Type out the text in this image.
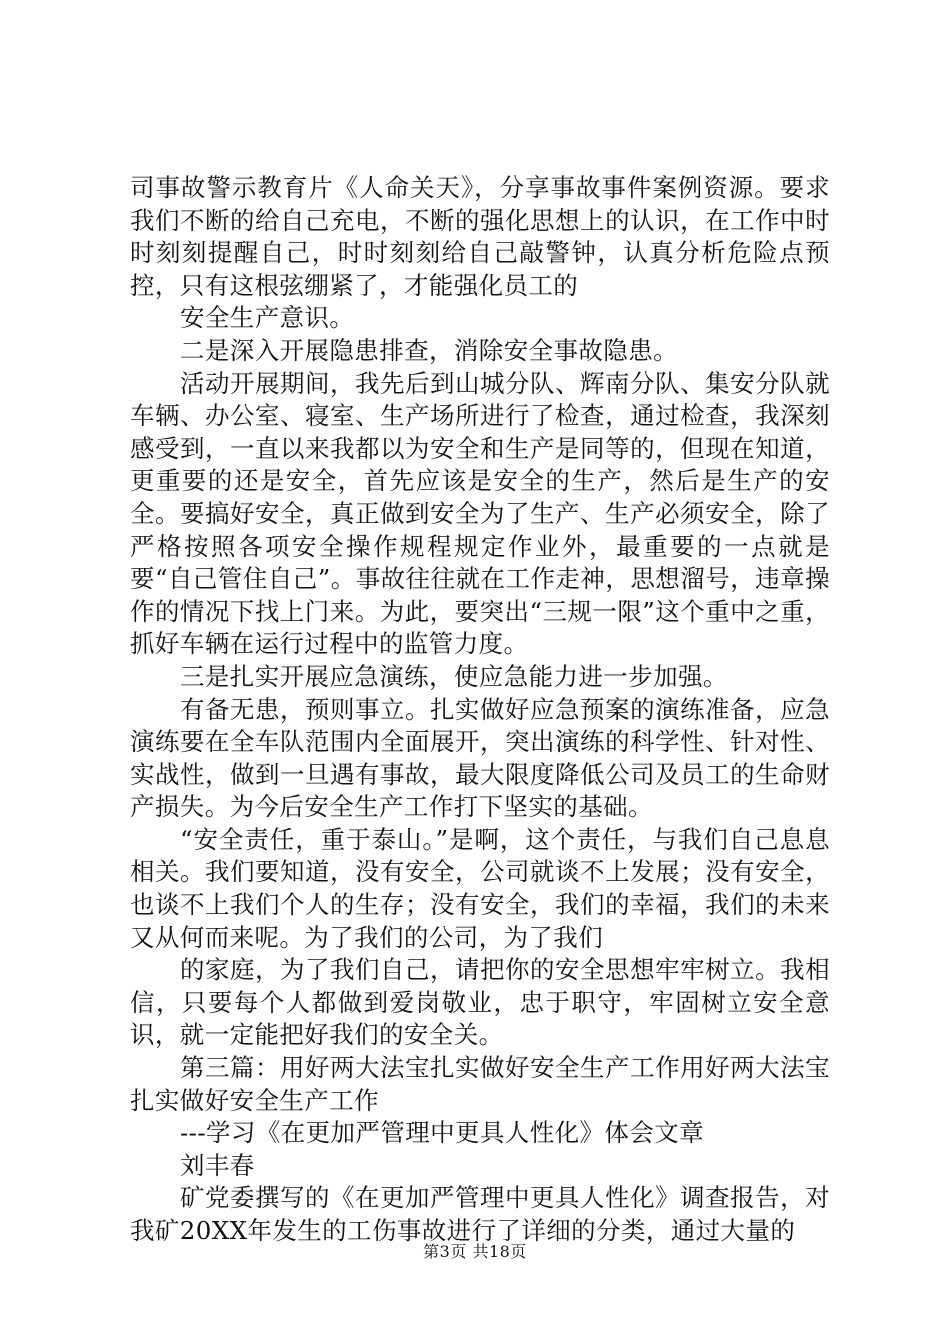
司事故警示教育片《人命关天》，分享事故事件案例资源。要求我们不断的给自己充电，不断的强化思想上的认识，在工作中时时刻刻提醒自己，时时刻刻给自己敲警钟，认真分析危险点预控，只有这根弦绷紧了，才能强化员工的

安全生产意识。

二是深入开展隐患排查，消除安全事故隐患。

活动开展期间，我先后到山城分队、辉南分队、集安分队就车辆、办公室、寝室、生产场所进行了检查，通过检查，我深刻感受到，一直以来我都以为安全和生产是同等的，但现在知道，更重要的还是安全，首先应该是安全的生产，然后是生产的安全。要搞好安全，真正做到安全为了生产、生产必须安全，除了严格按照各项安全操作规程规定作业外，最重要的一点就是要“自己管住自己”。事故往往就在工作走神，思想溜号，违章操作的情况下找上门来。为此，要突出“三规一限”这个重中之重，抓好车辆在运行过程中的监管力度。

三是扎实开展应急演练，使应急能力进一步加强。

有备无患，预则事立。扎实做好应急预案的演练准备，应急演练要在全车队范围内全面展开，突出演练的科学性、针对性、实战性，做到一旦遇有事故，最大限度降低公司及员工的生命财产损失。为今后安全生产工作打下坚实的基础。

“安全责任，重于泰山。”是啊，这个责任，与我们自己息息相关。我们要知道，没有安全，公司就谈不上发展；没有安全，也谈不上我们个人的生存；没有安全，我们的幸福，我们的未来又从何而来呢。为了我们的公司，为了我们

的家庭，为了我们自己，请把你的安全思想牢牢树立。我相信，只要每个人都做到爱岗敬业，忠于职守，牢固树立安全意识，就一定能把好我们的安全关。

第三篇：用好两大法宝扎实做好安全生产工作用好两大法宝扎实做好安全生产工作

---学习《在更加严管理中更具人性化》体会文章

刘丰春

矿党委撰写的《在更加严管理中更具人性化》调查报告，对我矿20XX年发生的工伤事故进行了详细的分类，通过大量的

第3页 共18页
